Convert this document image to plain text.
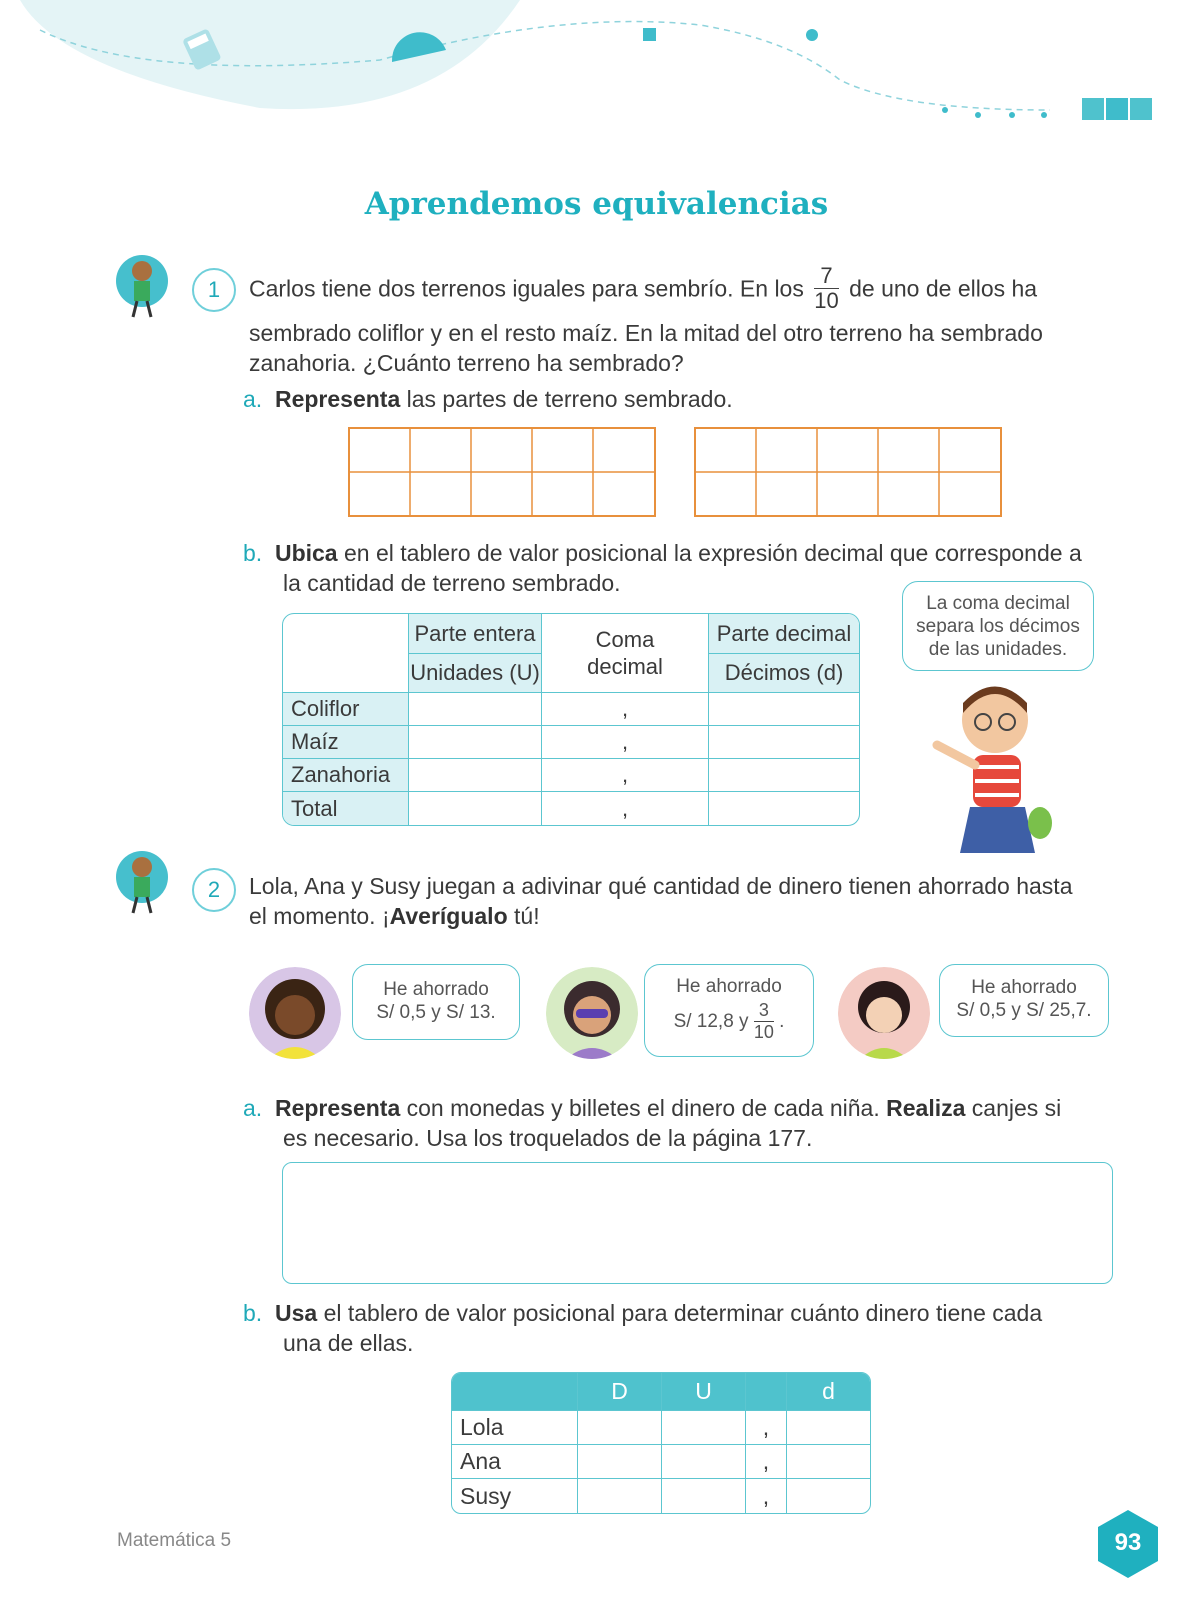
Aprendemos equivalencias
1	Carlos tiene dos terrenos iguales para sembrío. En los $\frac{7}{10}$ de uno de ellos ha
sembrado coliflor y en el resto maíz. En la mitad del otro terreno ha sembrado
zanahoria. ¿Cuánto terreno ha sembrado?
a. Representa las partes de terreno sembrado.
b. Ubica en el tablero de valor posicional la expresión decimal que corresponde a
la cantidad de terreno sembrado.
	Parte entera	Coma decimal	Parte decimal
	Unidades (U)		Décimos (d)
Coliflor		,	
Maíz		,	
Zanahoria		,	
Total		,	
La coma decimal separa los décimos de las unidades.
2	Lola, Ana y Susy juegan a adivinar qué cantidad de dinero tienen ahorrado hasta
el momento. ¡Averígualo tú!
He ahorrado
S/ 0,5 y S/ 13.
He ahorrado
S/ 12,8 y $\frac{3}{10}$ .
He ahorrado
S/ 0,5 y S/ 25,7.
a. Representa con monedas y billetes el dinero de cada niña. Realiza canjes si
es necesario. Usa los troquelados de la página 177.
b. Usa el tablero de valor posicional para determinar cuánto dinero tiene cada
una de ellas.
	D	U		d
Lola			,	
Ana			,	
Susy			,	
Matemática 5	93
